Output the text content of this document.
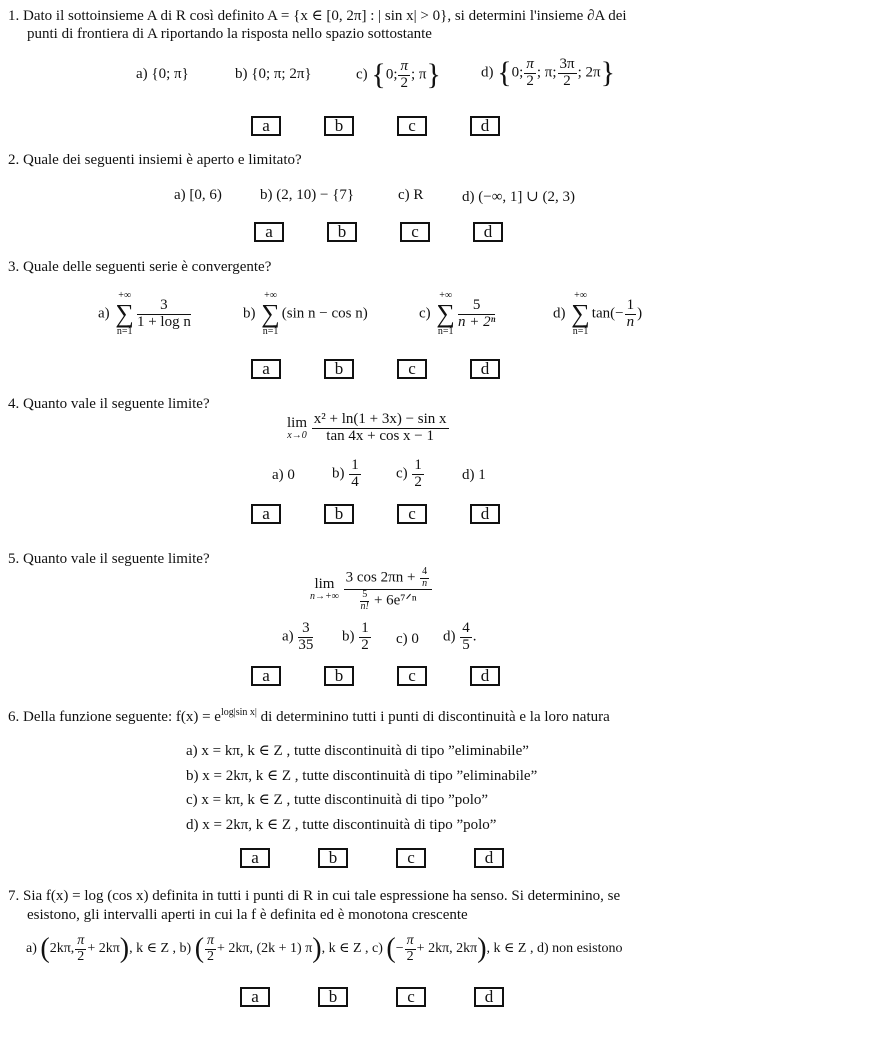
1. Dato il sottoinsieme A di R così definito A = {x ∈ [0, 2π] : | sin x| > 0}, si determini l'insieme ∂A dei
punti di frontiera di A riportando la risposta nello spazio sottostante
a) {0; π}	b) {0; π; 2π}	c) {0; $\frac{\pi}{2}$ ; π}	d) {0; $\frac{\pi}{2}$ ; π; $\frac{3\pi}{2}$ ; 2π}
a	b	c	d
2. Quale dei seguenti insiemi è aperto e limitato?
a) [0, 6)	b) (2, 10) − {7}	c) R	d) (−∞, 1] ∪ (2, 3)
a	b	c	d
3. Quale delle seguenti serie è convergente?
a)
+∞
∑
n=1
$\frac{3}{\text{1 + log n}}$	b)
+∞
∑
n=1
(sin n − cos n)	c)
+∞
∑
n=1
$\frac{5}{\text{n + 2ⁿ}}$	d)
+∞
∑
n=1
$\tan(- \frac{1}{n}$ )
a	b	c	d
4. Quanto vale il seguente limite?
lim
x→0
$\frac{\text{x² + ln(1 + 3x) − sin x}}{\text{tan 4x + cos x − 1}}$
a) 0 $b) \frac{1}{4} c) \frac{1}{2}$	d) 1
a	b	c	d
5. Quanto vale il seguente limite?
lim
n→+∞
$\frac{3 \cos 2\pi n + \frac{4}{n}}{\frac{5}{n!} + 6e^7ᐟ^n}$
$a) \frac{3}{35} b) \frac{1}{2} c$) 0 $d) \frac{4}{5}$ .
a	b	c	d
6. Della funzione seguente: $f(x) = e^{log|sin x|}$ di determinino tutti i punti di discontinuità e la loro natura
a) x = kπ, k ∈ Z , tutte discontinuità di tipo ”eliminabile”
b) x = 2kπ, k ∈ Z , tutte discontinuità di tipo ”eliminabile”
c) x = kπ, k ∈ Z , tutte discontinuità di tipo ”polo”
d) x = 2kπ, k ∈ Z , tutte discontinuità di tipo ”polo”
a	b	c	d
7. Sia f(x) = log (cos x) definita in tutti i punti di R in cui tale espressione ha senso. Si determinino, se
esistono, gli intervalli aperti in cui la f è definita ed è monotona crescente
a) (2kπ, $\frac{\pi}{2} + 2k\pi$), k ∈ Z , b) ( $\frac{\pi}{2} + 2k\pi$, (2k + 1) π), k ∈ Z , c) (− $\frac{\pi}{2} + 2k\pi$, 2kπ), k ∈ Z , d) non esistono
a	b	c	d
